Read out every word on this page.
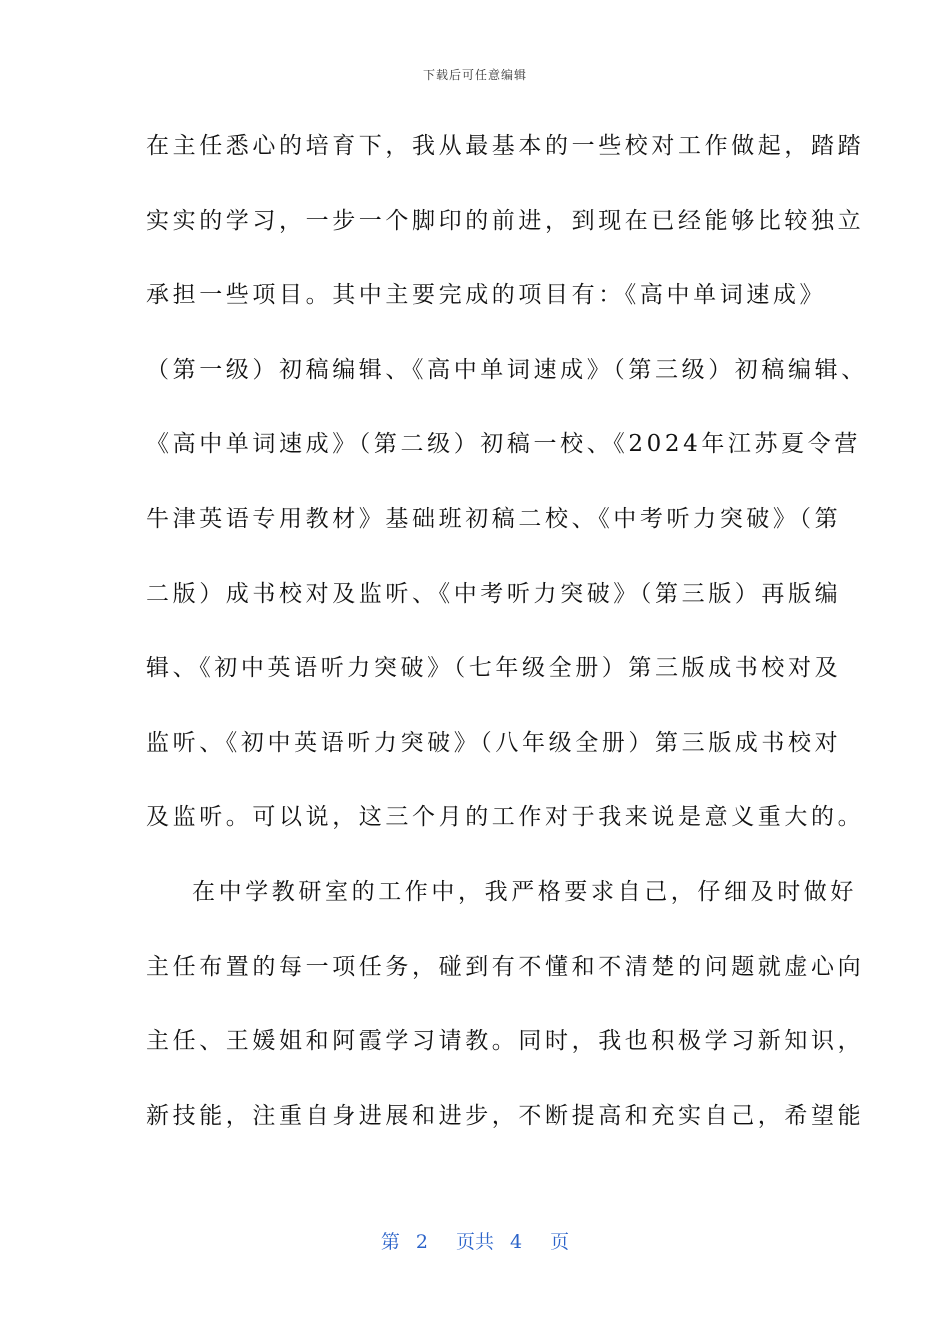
下载后可任意编辑
在主任悉心的培育下，我从最基本的一些校对工作做起，踏踏
实实的学习，一步一个脚印的前进，到现在已经能够比较独立
承担一些项目。其中主要完成的项目有：《高中单词速成》
（第一级）初稿编辑、《高中单词速成》（第三级）初稿编辑、
《高中单词速成》（第二级）初稿一校、《2024年江苏夏令营
牛津英语专用教材》基础班初稿二校、《中考听力突破》（第
二版）成书校对及监听、《中考听力突破》（第三版）再版编
辑、《初中英语听力突破》（七年级全册）第三版成书校对及
监听、《初中英语听力突破》（八年级全册）第三版成书校对
及监听。可以说，这三个月的工作对于我来说是意义重大的。
在中学教研室的工作中，我严格要求自己，仔细及时做好
主任布置的每一项任务，碰到有不懂和不清楚的问题就虚心向
主任、王媛姐和阿霞学习请教。同时，我也积极学习新知识，
新技能，注重自身进展和进步，不断提高和充实自己，希望能
第 2 页共 4 页
